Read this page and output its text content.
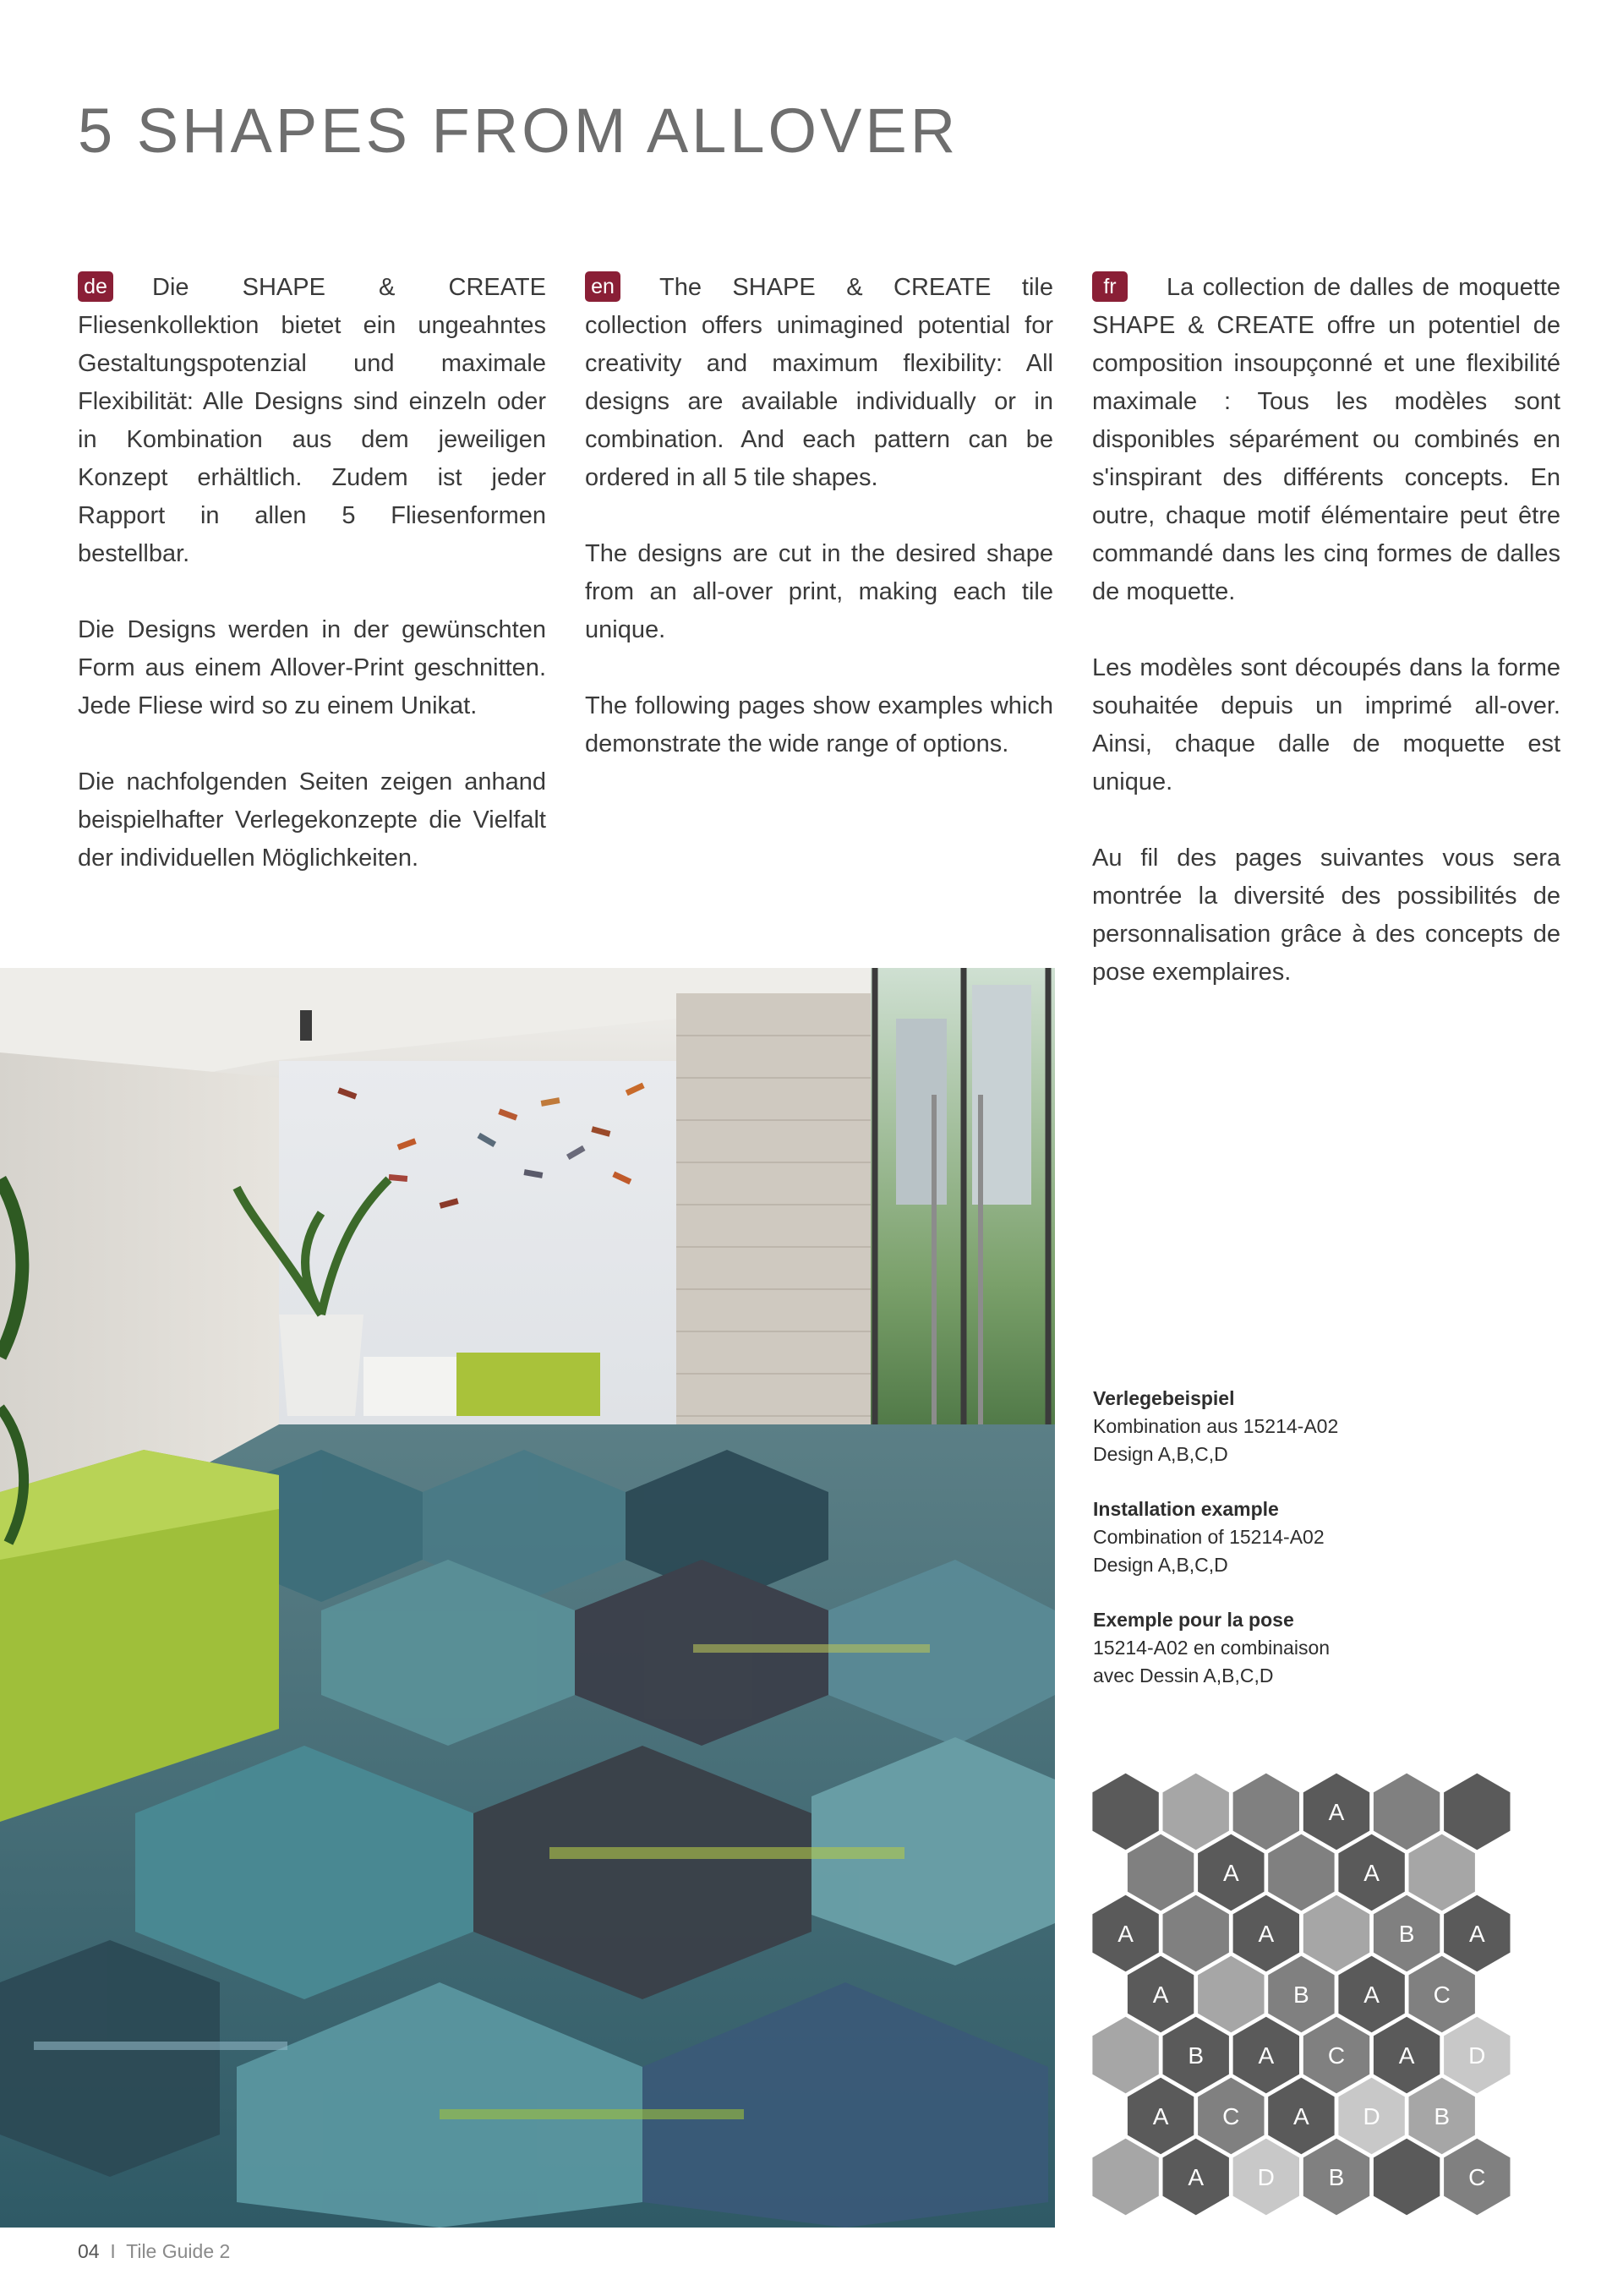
5 SHAPES FROM ALLOVER

de Die SHAPE & CREATE Fliesenkollektion bietet ein ungeahntes Gestaltungspotenzial und maximale Flexibilität: Alle Designs sind einzeln oder in Kombination aus dem jeweiligen Konzept erhältlich. Zudem ist jeder Rapport in allen 5 Fliesenformen bestellbar.

Die Designs werden in der gewünschten Form aus einem Allover-Print geschnitten. Jede Fliese wird so zu einem Unikat.

Die nachfolgenden Seiten zeigen anhand beispielhafter Verlegekonzepte die Vielfalt der individuellen Möglichkeiten.

en The SHAPE & CREATE tile collection offers unimagined potential for creativity and maximum flexibility: All designs are available individually or in combination. And each pattern can be ordered in all 5 tile shapes.

The designs are cut in the desired shape from an all-over print, making each tile unique.

The following pages show examples which demonstrate the wide range of options.

fr La collection de dalles de moquette SHAPE & CREATE offre un potentiel de composition insoupçonné et une flexibilité maximale : Tous les modèles sont disponibles séparément ou combinés en s'inspirant des différents concepts. En outre, chaque motif élémentaire peut être commandé dans les cinq formes de dalles de moquette.

Les modèles sont découpés dans la forme souhaitée depuis un imprimé all-over. Ainsi, chaque dalle de moquette est unique.

Au fil des pages suivantes vous sera montrée la diversité des possibilités de personnalisation grâce à des concepts de pose exemplaires.

Verlegebeispiel
Kombination aus 15214-A02
Design A,B,C,D
Installation example
Combination of 15214-A02
Design A,B,C,D
Exemple pour la pose
15214-A02 en combinaison
avec Dessin A,B,C,D
A
A	A
A	A	B A
A	B A C
B A C A D
A C A D B
A D B	C
04 I Tile Guide 2
